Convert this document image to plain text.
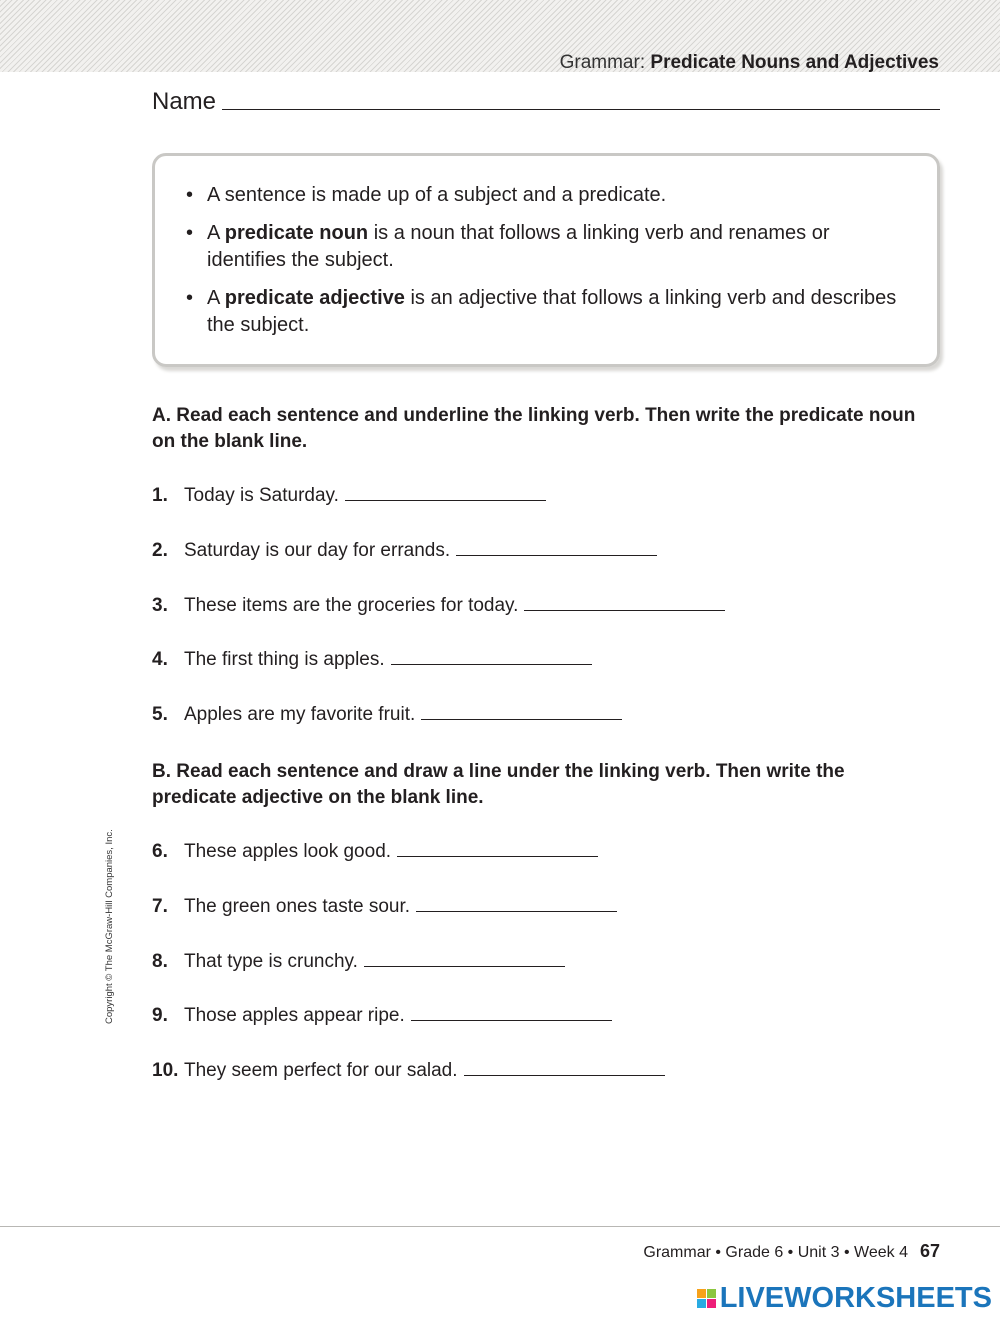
Grammar: Predicate Nouns and Adjectives
Name
• A sentence is made up of a subject and a predicate.
• A predicate noun is a noun that follows a linking verb and renames or identifies the subject.
• A predicate adjective is an adjective that follows a linking verb and describes the subject.
A. Read each sentence and underline the linking verb. Then write the predicate noun on the blank line.
1. Today is Saturday.
2. Saturday is our day for errands.
3. These items are the groceries for today.
4. The first thing is apples.
5. Apples are my favorite fruit.
B. Read each sentence and draw a line under the linking verb. Then write the predicate adjective on the blank line.
6. These apples look good.
7. The green ones taste sour.
8. That type is crunchy.
9. Those apples appear ripe.
10. They seem perfect for our salad.
Copyright © The McGraw-Hill Companies, Inc.
Grammar • Grade 6 • Unit 3 • Week 4 67
LIVEWORKSHEETS
